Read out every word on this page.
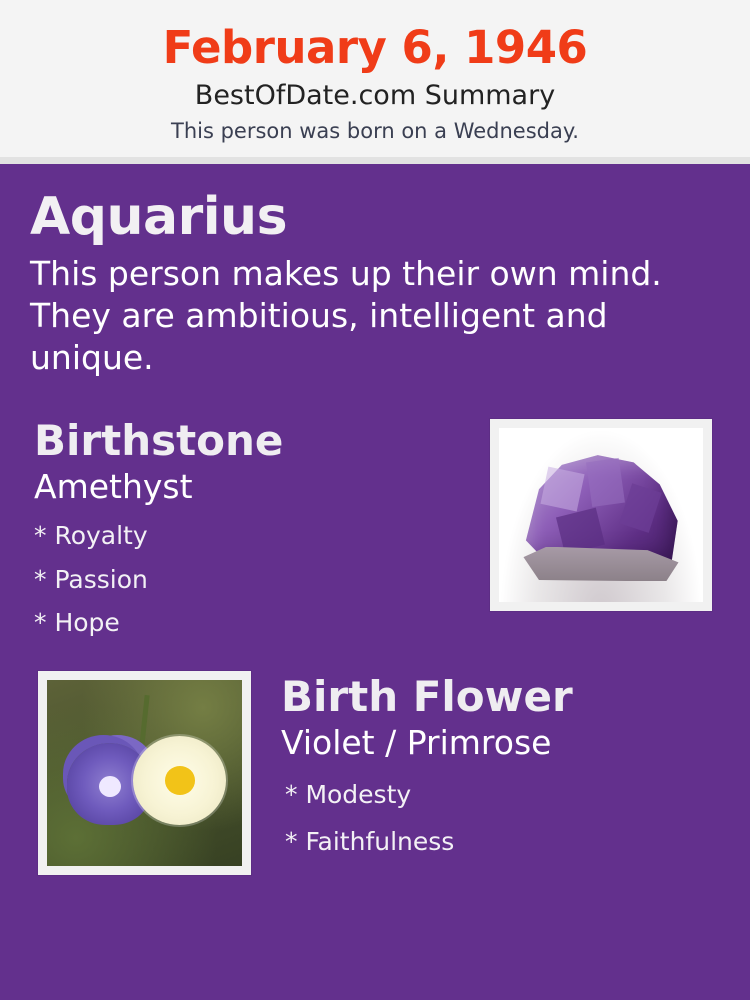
February 6, 1946
BestOfDate.com Summary
This person was born on a Wednesday.
Aquarius
This person makes up their own mind. They are ambitious, intelligent and unique.
Birthstone
Amethyst
* Royalty
* Passion
* Hope
Birth Flower
Violet / Primrose
* Modesty
* Faithfulness
